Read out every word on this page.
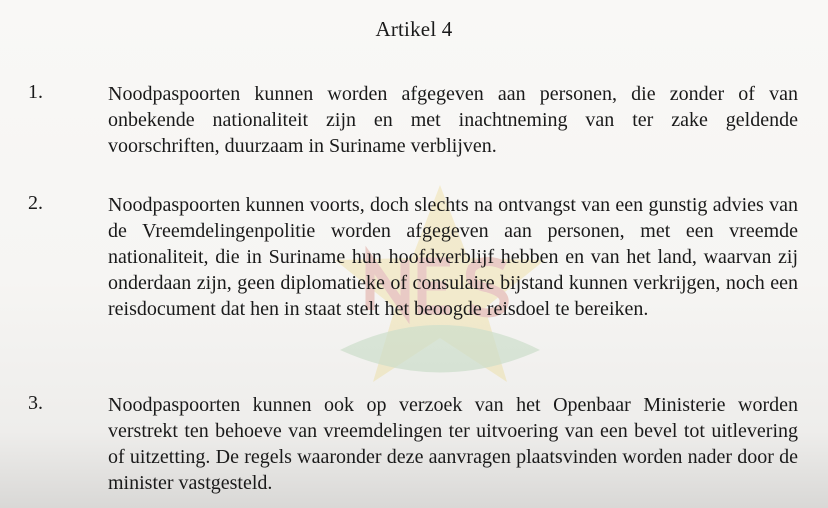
Artikel 4
1.	Noodpaspoorten kunnen worden afgegeven aan personen, die zonder of van onbekende nationaliteit zijn en met inachtneming van ter zake geldende voorschriften, duurzaam in Suriname verblijven.
2.	Noodpaspoorten kunnen voorts, doch slechts na ontvangst van een gunstig advies van de Vreemdelingenpolitie worden afgegeven aan personen, met een vreemde nationaliteit, die in Suriname hun hoofdverblijf hebben en van het land, waarvan zij onderdaan zijn, geen diplomatieke of consulaire bijstand kunnen verkrijgen, noch een reisdocument dat hen in staat stelt het beoogde reisdoel te bereiken.
3.	Noodpaspoorten kunnen ook op verzoek van het Openbaar Ministerie worden verstrekt ten behoeve van vreemdelingen ter uitvoering van een bevel tot uitlevering of uitzetting. De regels waaronder deze aanvragen plaatsvinden worden nader door de minister vastgesteld.
